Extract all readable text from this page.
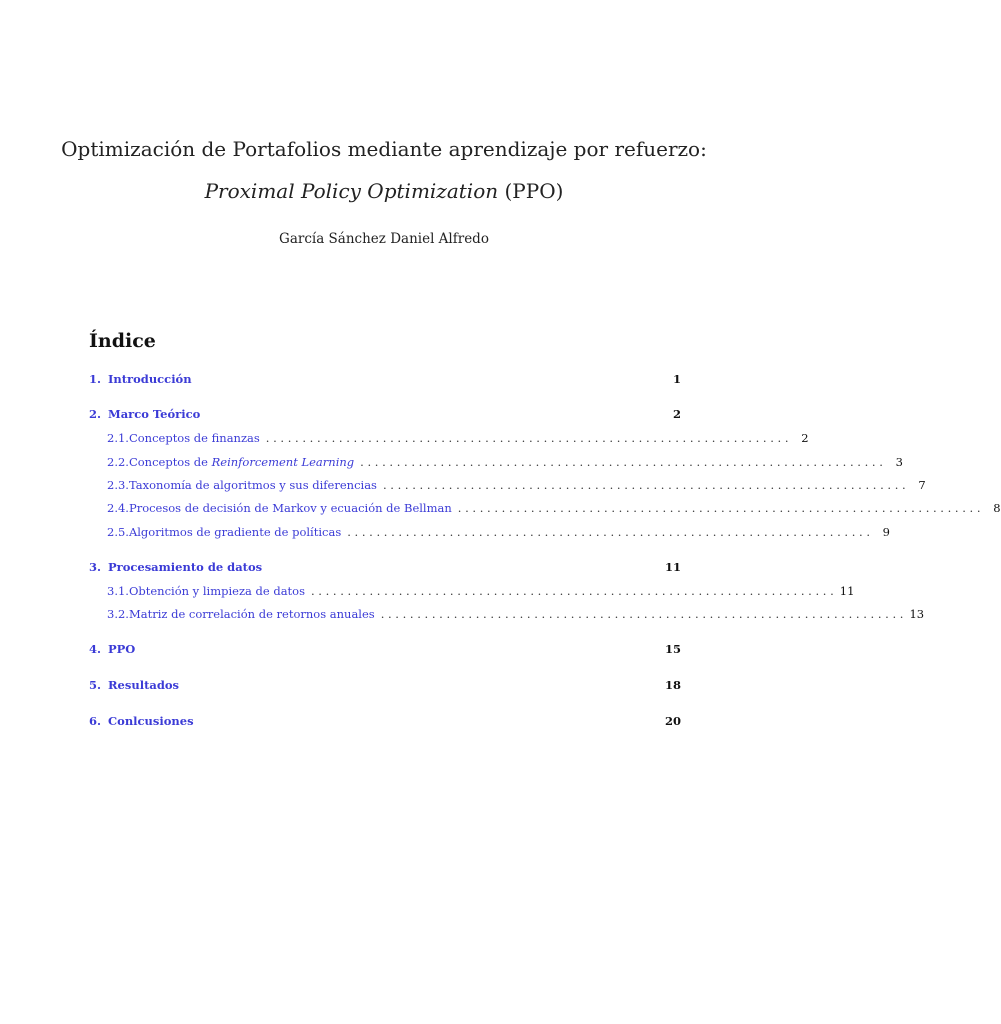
Optimización de Portafolios mediante aprendizaje por refuerzo:
Proximal Policy Optimization (PPO)
García Sánchez Daniel Alfredo
Índice
1. Introducción	1
2. Marco Teórico	2
2.1. Conceptos de finanzas . . . . . . . . . . . . . . . . . . . . . . . . . . . . . . . . . . . . . . . . . . . . . . . . . . . . . . . . . . . . . . . . . . . . . . . .	2
2.2. Conceptos de Reinforcement Learning . . . . . . . . . . . . . . . . . . . . . . . . . . . . . . . . . . . . . . . . . . . . . . . . . . . . . . . . . . . . . . . . . . . . . . . .	3
2.3. Taxonomía de algoritmos y sus diferencias . . . . . . . . . . . . . . . . . . . . . . . . . . . . . . . . . . . . . . . . . . . . . . . . . . . . . . . . . . . . . . . . . . . . . . . .	7
2.4. Procesos de decisión de Markov y ecuación de Bellman . . . . . . . . . . . . . . . . . . . . . . . . . . . . . . . . . . . . . . . . . . . . . . . . . . . . . . . . . . . . . . . . . . . . . . . .	8
2.5. Algoritmos de gradiente de políticas . . . . . . . . . . . . . . . . . . . . . . . . . . . . . . . . . . . . . . . . . . . . . . . . . . . . . . . . . . . . . . . . . . . . . . . .	9
3. Procesamiento de datos	11
3.1. Obtención y limpieza de datos . . . . . . . . . . . . . . . . . . . . . . . . . . . . . . . . . . . . . . . . . . . . . . . . . . . . . . . . . . . . . . . . . . . . . . . . 11
3.2. Matriz de correlación de retornos anuales . . . . . . . . . . . . . . . . . . . . . . . . . . . . . . . . . . . . . . . . . . . . . . . . . . . . . . . . . . . . . . . . . . . . . . . . 13
4. PPO	15
5. Resultados	18
6. Conlcusiones	20
